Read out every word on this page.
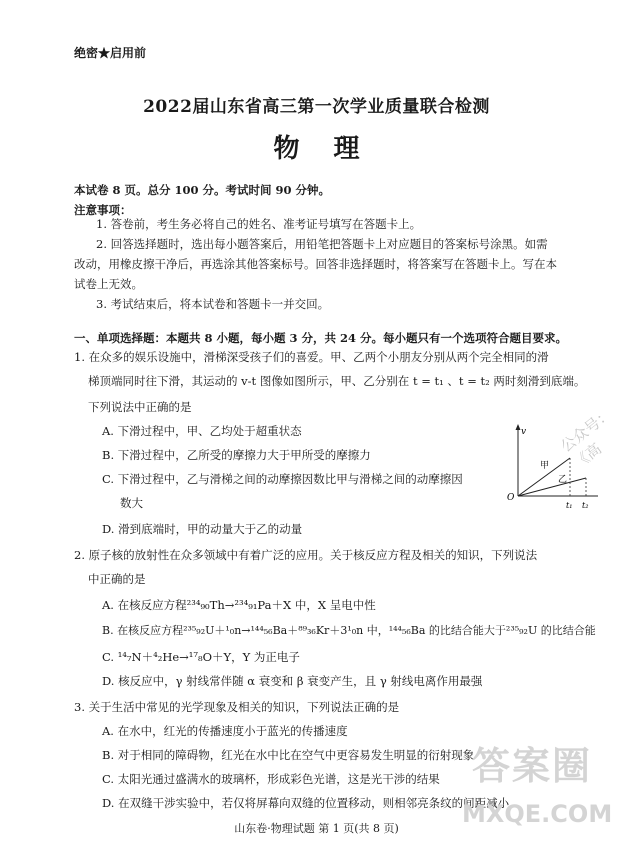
绝密★启用前
2022届山东省高三第一次学业质量联合检测
物理
本试卷 8 页。总分 100 分。考试时间 90 分钟。
注意事项：
1. 答卷前，考生务必将自己的姓名、准考证号填写在答题卡上。
2. 回答选择题时，选出每小题答案后，用铅笔把答题卡上对应题目的答案标号涂黑。如需
改动，用橡皮擦干净后，再选涂其他答案标号。回答非选择题时，将答案写在答题卡上。写在本
试卷上无效。
3. 考试结束后，将本试卷和答题卡一并交回。
一、单项选择题：本题共 8 小题，每小题 3 分，共 24 分。每小题只有一个选项符合题目要求。
1. 在众多的娱乐设施中，滑梯深受孩子们的喜爱。甲、乙两个小朋友分别从两个完全相同的滑
梯顶端同时往下滑，其运动的 v-t 图像如图所示，甲、乙分别在 t = t₁ 、t = t₂ 两时刻滑到底端。
下列说法中正确的是
A. 下滑过程中，甲、乙均处于超重状态
B. 下滑过程中，乙所受的摩擦力大于甲所受的摩擦力
C. 下滑过程中，乙与滑梯之间的动摩擦因数比甲与滑梯之间的动摩擦因
数大
D. 滑到底端时，甲的动量大于乙的动量
v
O
甲
乙
t₁ t₂
2. 原子核的放射性在众多领域中有着广泛的应用。关于核反应方程及相关的知识，下列说法
中正确的是
A. 在核反应方程²³⁴₉₀Th→²³⁴₉₁Pa＋X 中，X 呈电中性
B. 在核反应方程²³⁵₉₂U＋¹₀n→¹⁴⁴₅₆Ba＋⁸⁹₃₆Kr＋3¹₀n 中，¹⁴⁴₅₆Ba 的比结合能大于²³⁵₉₂U 的比结合能
C. ¹⁴₇N＋⁴₂He→¹⁷₈O＋Y，Y 为正电子
D. 核反应中，γ 射线常伴随 α 衰变和 β 衰变产生，且 γ 射线电离作用最强
3. 关于生活中常见的光学现象及相关的知识，下列说法正确的是
A. 在水中，红光的传播速度小于蓝光的传播速度
B. 对于相同的障碍物，红光在水中比在空气中更容易发生明显的衍射现象
C. 太阳光通过盛满水的玻璃杯，形成彩色光谱，这是光干涉的结果
D. 在双缝干涉实验中，若仅将屏幕向双缝的位置移动，则相邻亮条纹的间距减小
山东卷·物理试题 第 1 页(共 8 页)
公众号：《高
答案圈
MXQE.COM
